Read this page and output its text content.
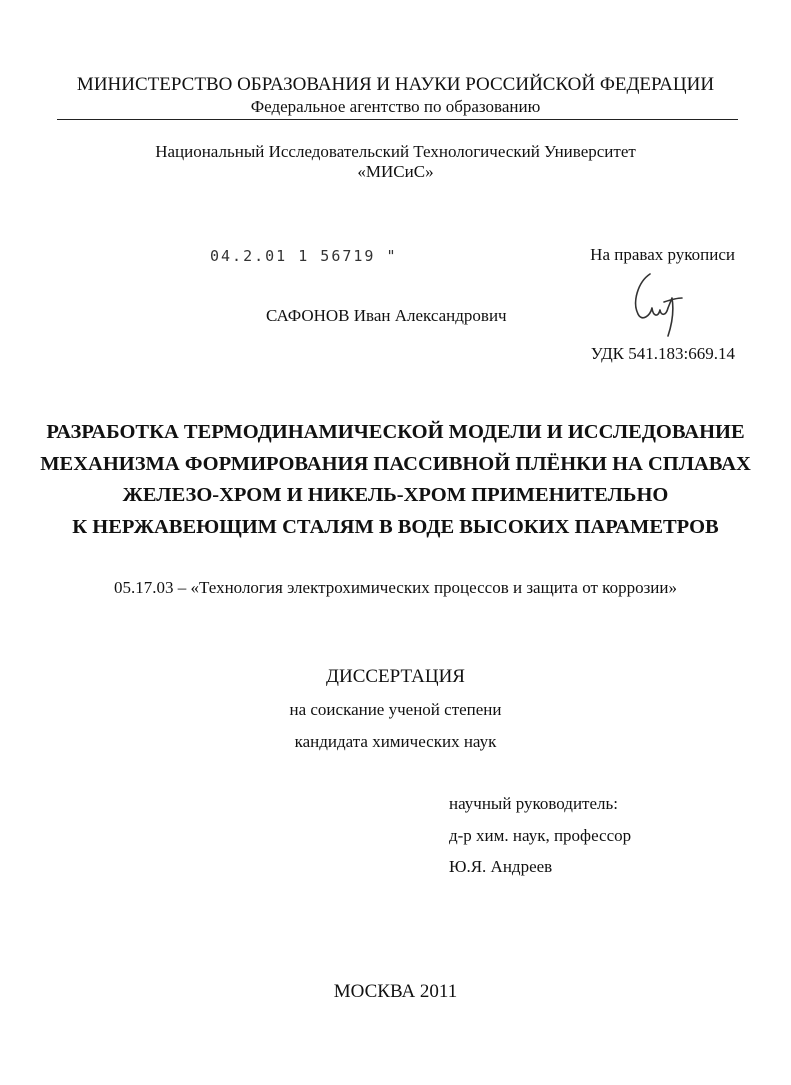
МИНИСТЕРСТВО ОБРАЗОВАНИЯ И НАУКИ РОССИЙСКОЙ ФЕДЕРАЦИИ
Федеральное агентство по образованию
Национальный Исследовательский Технологический Университет
«МИСиС»
04.2.01 1 56719 "	На правах рукописи
САФОНОВ Иван Александрович
УДК 541.183:669.14
РАЗРАБОТКА ТЕРМОДИНАМИЧЕСКОЙ МОДЕЛИ И ИССЛЕДОВАНИЕ
МЕХАНИЗМА ФОРМИРОВАНИЯ ПАССИВНОЙ ПЛЁНКИ НА СПЛАВАХ
ЖЕЛЕЗО-ХРОМ И НИКЕЛЬ-ХРОМ ПРИМЕНИТЕЛЬНО
К НЕРЖАВЕЮЩИМ СТАЛЯМ В ВОДЕ ВЫСОКИХ ПАРАМЕТРОВ
05.17.03 – «Технология электрохимических процессов и защита от коррозии»
ДИССЕРТАЦИЯ
на соискание ученой степени
кандидата химических наук
научный руководитель:
д-р хим. наук, профессор
Ю.Я. Андреев
МОСКВА 2011
